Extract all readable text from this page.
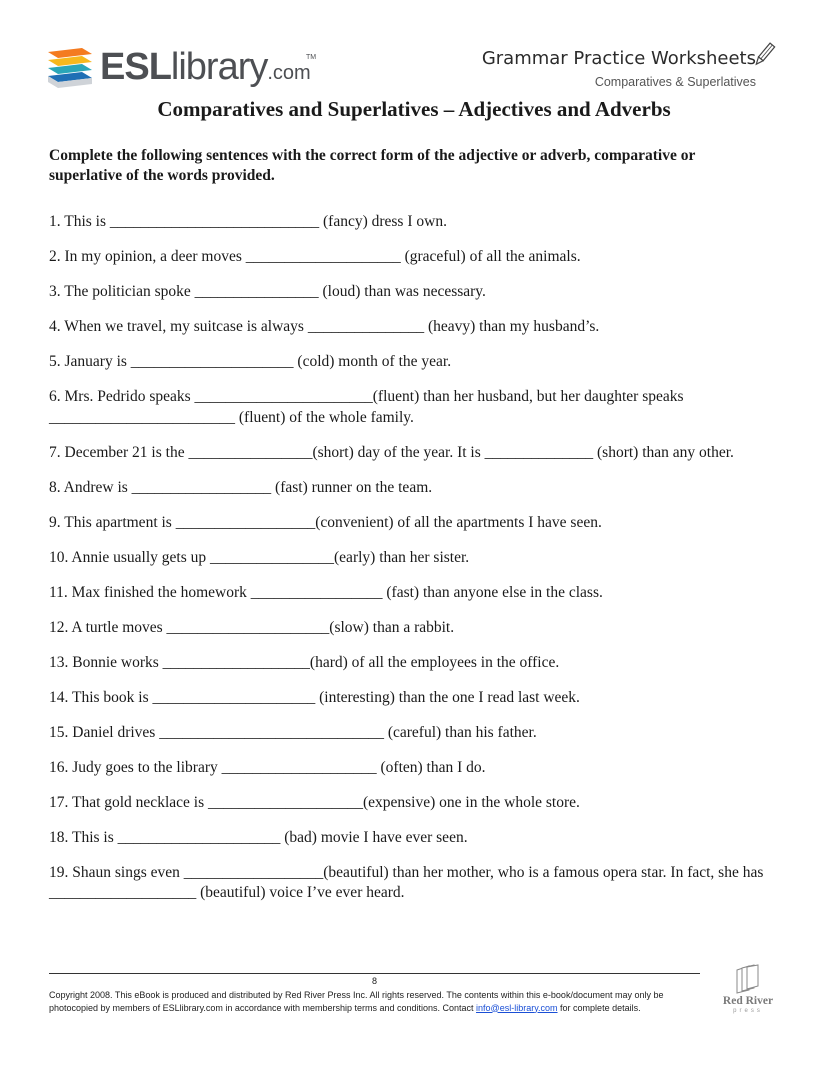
ESLlibrary.com
TM	Grammar Practice Worksheets
Comparatives & Superlatives
Comparatives and Superlatives – Adjectives and Adverbs
Complete the following sentences with the correct form of the adjective or adverb, comparative or superlative of the words provided.
1. This is ___________________________ (fancy) dress I own.
2. In my opinion, a deer moves ____________________ (graceful) of all the animals.
3. The politician spoke ________________ (loud) than was necessary.
4. When we travel, my suitcase is always _______________ (heavy) than my husband’s.
5. January is _____________________ (cold) month of the year.
6. Mrs. Pedrido speaks _______________________(fluent) than her husband, but her daughter speaks ________________________ (fluent) of the whole family.
7. December 21 is the ________________(short) day of the year. It is ______________ (short) than any other.
8. Andrew is __________________ (fast) runner on the team.
9. This apartment is __________________(convenient) of all the apartments I have seen.
10. Annie usually gets up ________________(early) than her sister.
11. Max finished the homework _________________ (fast) than anyone else in the class.
12. A turtle moves _____________________(slow) than a rabbit.
13. Bonnie works ___________________(hard) of all the employees in the office.
14. This book is _____________________ (interesting) than the one I read last week.
15. Daniel drives _____________________________ (careful) than his father.
16. Judy goes to the library ____________________ (often) than I do.
17. That gold necklace is ____________________(expensive) one in the whole store.
18. This is _____________________ (bad) movie I have ever seen.
19. Shaun sings even __________________(beautiful) than her mother, who is a famous opera star. In fact, she has ___________________ (beautiful) voice I’ve ever heard.
8
Copyright 2008. This eBook is produced and distributed by Red River Press Inc. All rights reserved. The contents within this e-book/document may only be photocopied by members of ESLlibrary.com in accordance with membership terms and conditions. Contact info@esl-library.com for complete details.
Red River
press
